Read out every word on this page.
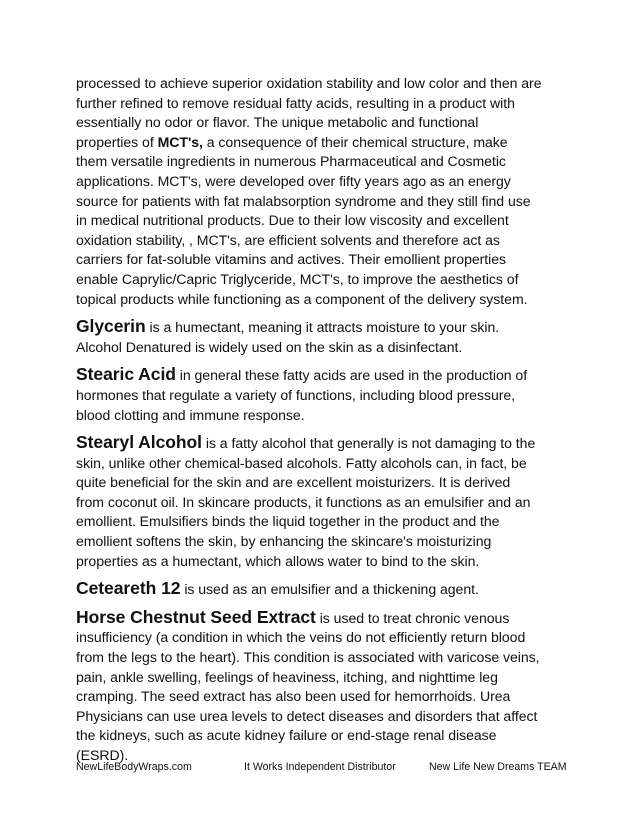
processed to achieve superior oxidation stability and low color and then are
further refined to remove residual fatty acids, resulting in a product with
essentially no odor or flavor. The unique metabolic and functional
properties of MCT's, a consequence of their chemical structure, make
them versatile ingredients in numerous Pharmaceutical and Cosmetic
applications. MCT's, were developed over fifty years ago as an energy
source for patients with fat malabsorption syndrome and they still find use
in medical nutritional products. Due to their low viscosity and excellent
oxidation stability, , MCT's, are efficient solvents and therefore act as
carriers for fat-soluble vitamins and actives. Their emollient properties
enable Caprylic/Capric Triglyceride, MCT's, to improve the aesthetics of
topical products while functioning as a component of the delivery system.

Glycerin is a humectant, meaning it attracts moisture to your skin.
Alcohol Denatured is widely used on the skin as a disinfectant.

Stearic Acid in general these fatty acids are used in the production of
hormones that regulate a variety of functions, including blood pressure,
blood clotting and immune response.

Stearyl Alcohol is a fatty alcohol that generally is not damaging to the
skin, unlike other chemical-based alcohols. Fatty alcohols can, in fact, be
quite beneficial for the skin and are excellent moisturizers. It is derived
from coconut oil. In skincare products, it functions as an emulsifier and an
emollient. Emulsifiers binds the liquid together in the product and the
emollient softens the skin, by enhancing the skincare's moisturizing
properties as a humectant, which allows water to bind to the skin.

Ceteareth 12 is used as an emulsifier and a thickening agent.

Horse Chestnut Seed Extract is used to treat chronic venous
insufficiency (a condition in which the veins do not efficiently return blood
from the legs to the heart). This condition is associated with varicose veins,
pain, ankle swelling, feelings of heaviness, itching, and nighttime leg
cramping. The seed extract has also been used for hemorrhoids. Urea
Physicians can use urea levels to detect diseases and disorders that affect
the kidneys, such as acute kidney failure or end-stage renal disease
(ESRD).

NewLifeBodyWraps.com	It Works Independent Distributor	New Life New Dreams TEAM
